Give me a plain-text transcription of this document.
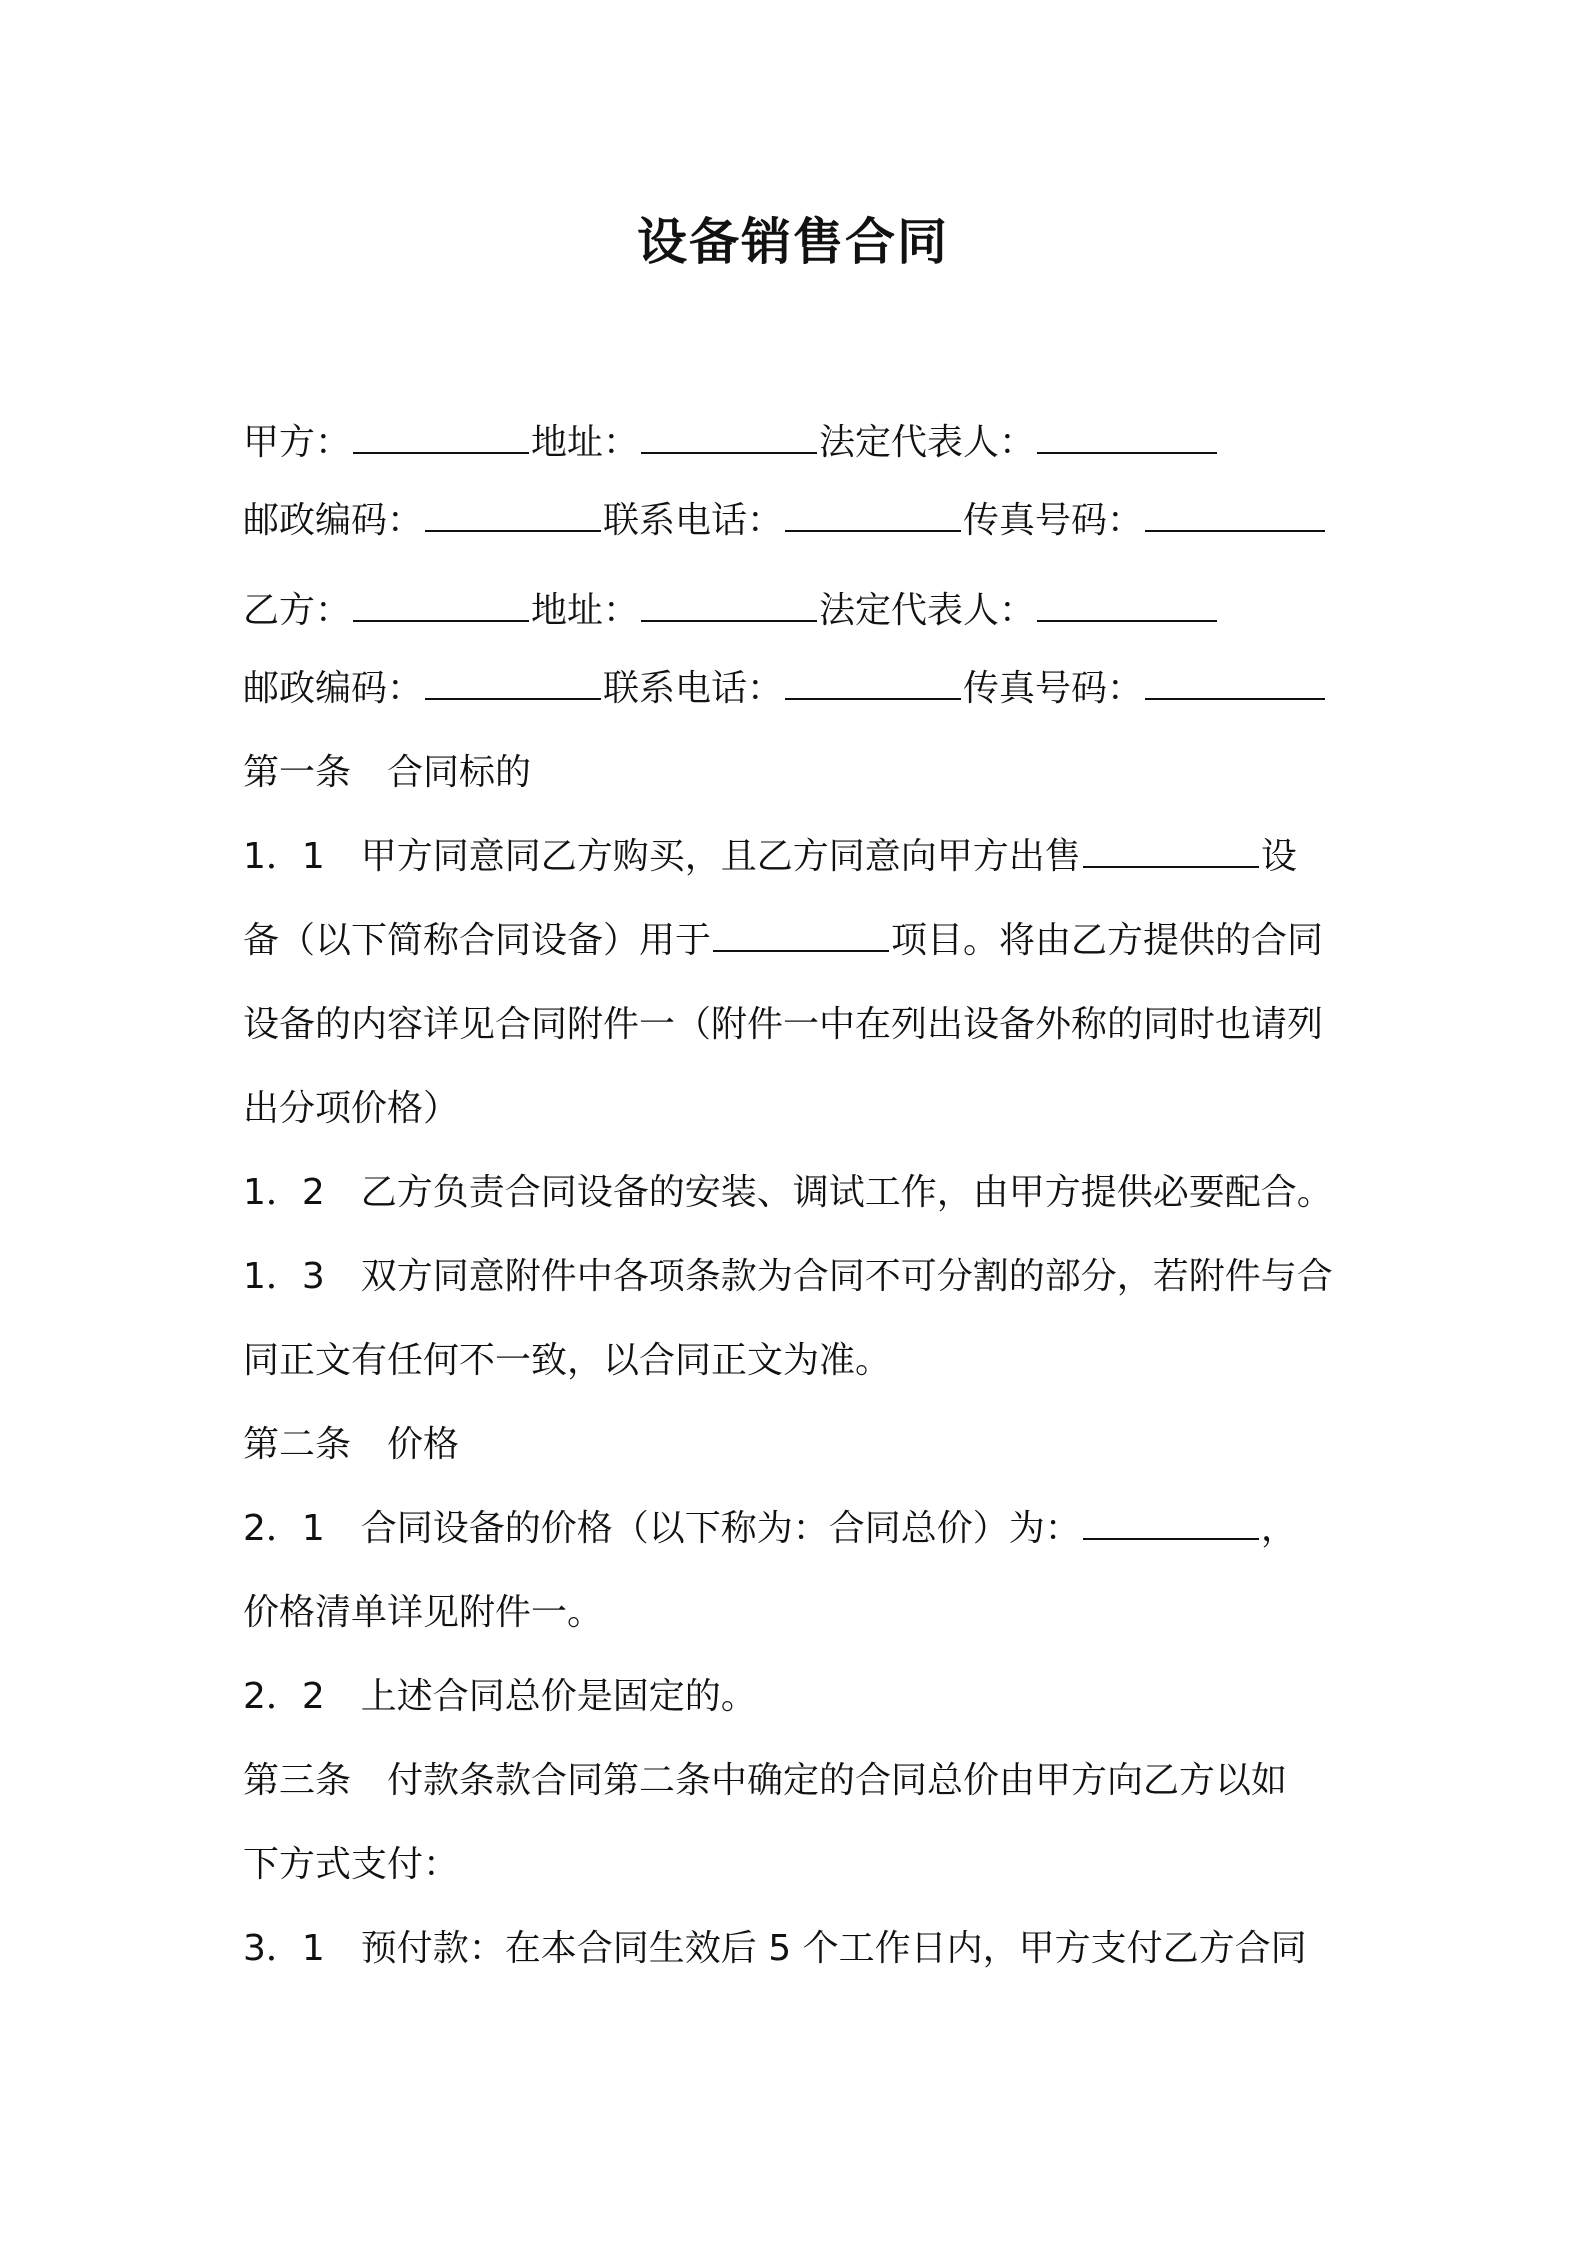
设备销售合同
甲方：	地址：	法定代表人：
邮政编码：	联系电话：	传真号码：
乙方：	地址：	法定代表人：
邮政编码：	联系电话：	传真号码：
第一条　合同标的
1．1　甲方同意同乙方购买，且乙方同意向甲方出售	设
备（以下简称合同设备）用于	项目。将由乙方提供的合同
设备的内容详见合同附件一（附件一中在列出设备外称的同时也请列
出分项价格）
1．2　乙方负责合同设备的安装、调试工作，由甲方提供必要配合。
1．3　双方同意附件中各项条款为合同不可分割的部分，若附件与合
同正文有任何不一致，以合同正文为准。
第二条　价格
2．1　合同设备的价格（以下称为：合同总价）为：	，
价格清单详见附件一。
2．2　上述合同总价是固定的。
第三条　付款条款合同第二条中确定的合同总价由甲方向乙方以如
下方式支付：
3．1　预付款：在本合同生效后 5 个工作日内，甲方支付乙方合同
